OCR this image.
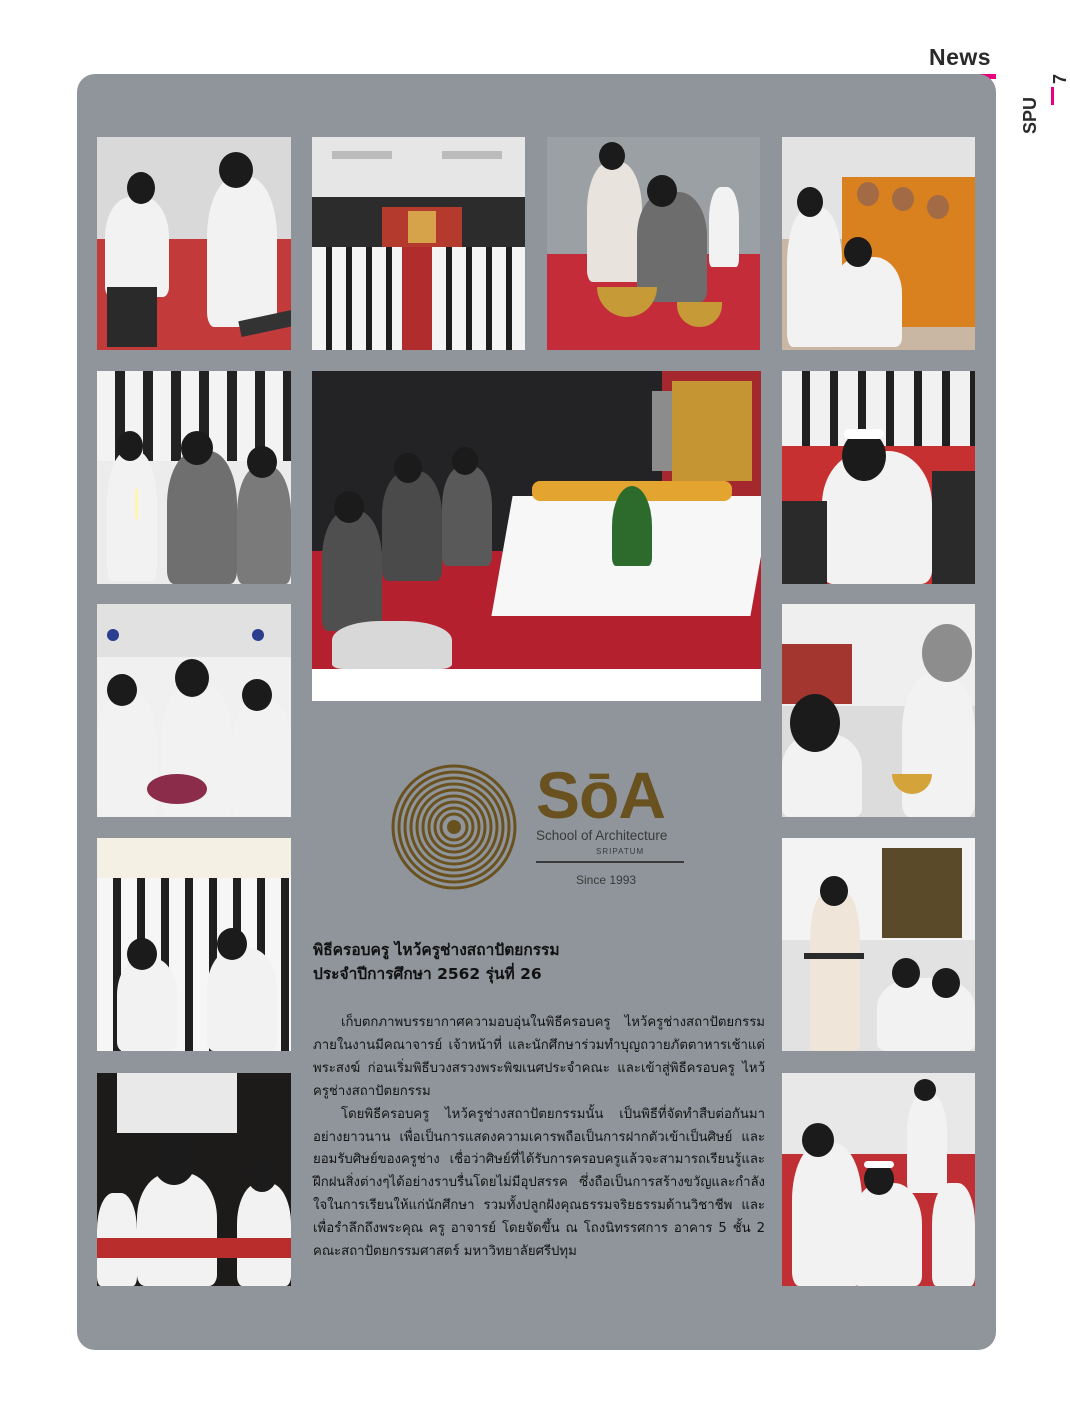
News
SPU
7
SōA
School of Architecture
SRIPATUM
Since 1993
พิธีครอบครู ไหว้ครูช่างสถาปัตยกรรม
ประจำปีการศึกษา 2562 รุ่นที่ 26

เก็บตกภาพบรรยากาศความอบอุ่นในพิธีครอบครู ไหว้ครูช่างสถาปัตยกรรม ภายในงานมีคณาจารย์ เจ้าหน้าที่ และนักศึกษาร่วมทำบุญถวายภัตตาหารเช้าแด่พระสงฆ์ ก่อนเริ่มพิธีบวงสรวงพระพิฆเนศประจำคณะ และเข้าสู่พิธีครอบครู ไหว้ครูช่างสถาปัตยกรรม

โดยพิธีครอบครู ไหว้ครูช่างสถาปัตยกรรมนั้น เป็นพิธีที่จัดทำสืบต่อกันมาอย่างยาวนาน เพื่อเป็นการแสดงความเคารพถือเป็นการฝากตัวเข้าเป็นศิษย์ และยอมรับศิษย์ของครูช่าง เชื่อว่าศิษย์ที่ได้รับการครอบครูแล้วจะสามารถเรียนรู้และฝึกฝนสิ่งต่างๆได้อย่างราบรื่นโดยไม่มีอุปสรรค ซึ่งถือเป็นการสร้างขวัญและกำลังใจในการเรียนให้แก่นักศึกษา รวมทั้งปลูกฝังคุณธรรมจริยธรรมด้านวิชาชีพ และเพื่อรำลึกถึงพระคุณ ครู อาจารย์ โดยจัดขึ้น ณ โถงนิทรรศการ อาคาร 5 ชั้น 2 คณะสถาปัตยกรรมศาสตร์ มหาวิทยาลัยศรีปทุม
